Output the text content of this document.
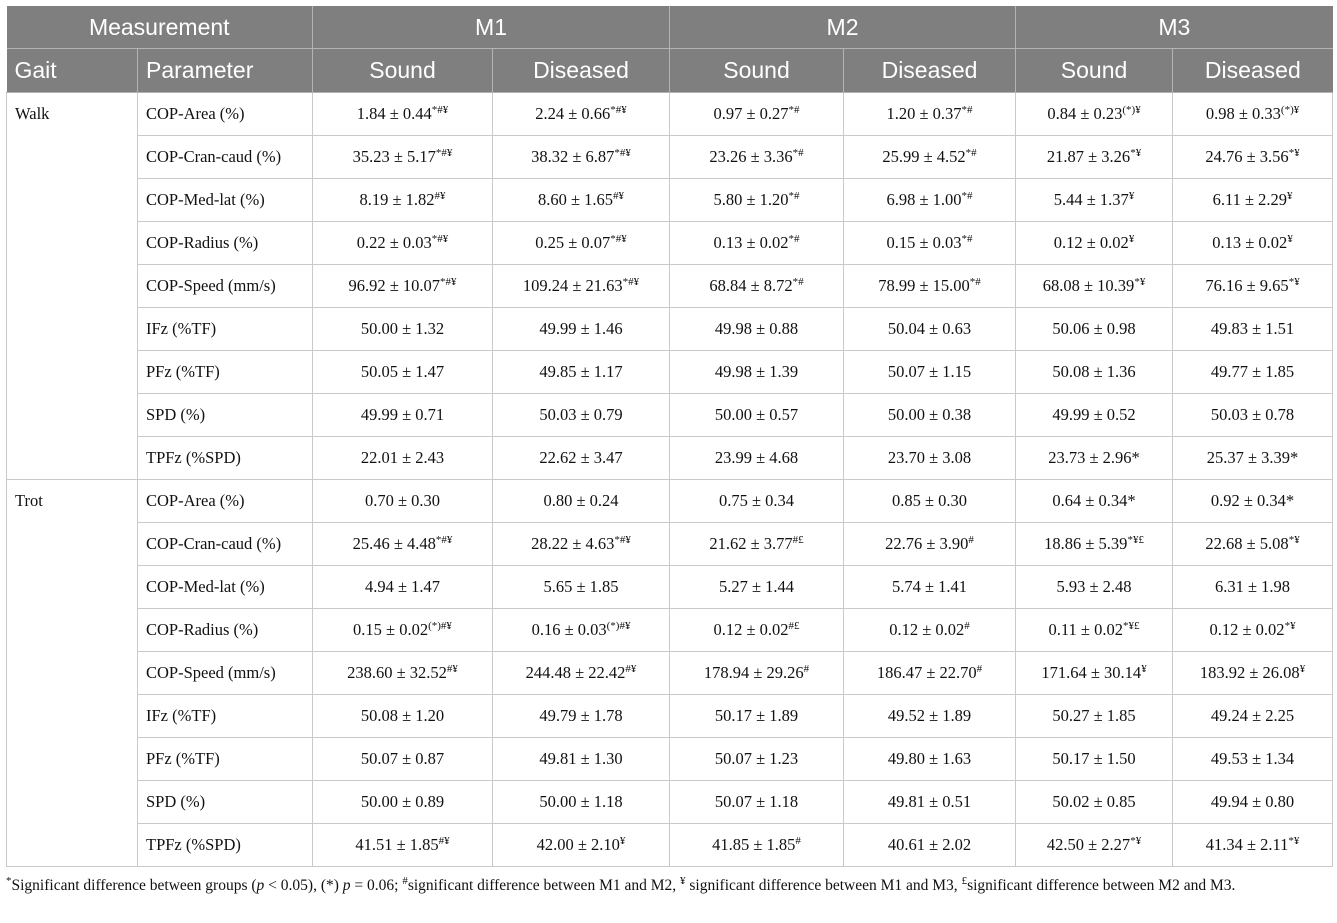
Measurement		M1		M2		M3	
Gait	Parameter	Sound	Diseased	Sound	Diseased	Sound	Diseased
Walk	COP-Area (%)	1.84 ± 0.44*#¥	2.24 ± 0.66*#¥	0.97 ± 0.27*#	1.20 ± 0.37*#	0.84 ± 0.23(*)¥	0.98 ± 0.33(*)¥
	COP-Cran-caud (%)	35.23 ± 5.17*#¥	38.32 ± 6.87*#¥	23.26 ± 3.36*#	25.99 ± 4.52*#	21.87 ± 3.26*¥	24.76 ± 3.56*¥
	COP-Med-lat (%)	8.19 ± 1.82#¥	8.60 ± 1.65#¥	5.80 ± 1.20*#	6.98 ± 1.00*#	5.44 ± 1.37¥	6.11 ± 2.29¥
	COP-Radius (%)	0.22 ± 0.03*#¥	0.25 ± 0.07*#¥	0.13 ± 0.02*#	0.15 ± 0.03*#	0.12 ± 0.02¥	0.13 ± 0.02¥
	COP-Speed (mm/s)	96.92 ± 10.07*#¥	109.24 ± 21.63*#¥	68.84 ± 8.72*#	78.99 ± 15.00*#	68.08 ± 10.39*¥	76.16 ± 9.65*¥
	IFz (%TF)	50.00 ± 1.32	49.99 ± 1.46	49.98 ± 0.88	50.04 ± 0.63	50.06 ± 0.98	49.83 ± 1.51
	PFz (%TF)	50.05 ± 1.47	49.85 ± 1.17	49.98 ± 1.39	50.07 ± 1.15	50.08 ± 1.36	49.77 ± 1.85
	SPD (%)	49.99 ± 0.71	50.03 ± 0.79	50.00 ± 0.57	50.00 ± 0.38	49.99 ± 0.52	50.03 ± 0.78
	TPFz (%SPD)	22.01 ± 2.43	22.62 ± 3.47	23.99 ± 4.68	23.70 ± 3.08	23.73 ± 2.96*	25.37 ± 3.39*
Trot	COP-Area (%)	0.70 ± 0.30	0.80 ± 0.24	0.75 ± 0.34	0.85 ± 0.30	0.64 ± 0.34*	0.92 ± 0.34*
	COP-Cran-caud (%)	25.46 ± 4.48*#¥	28.22 ± 4.63*#¥	21.62 ± 3.77#£	22.76 ± 3.90#	18.86 ± 5.39*¥£	22.68 ± 5.08*¥
	COP-Med-lat (%)	4.94 ± 1.47	5.65 ± 1.85	5.27 ± 1.44	5.74 ± 1.41	5.93 ± 2.48	6.31 ± 1.98
	COP-Radius (%)	0.15 ± 0.02(*)#¥	0.16 ± 0.03(*)#¥	0.12 ± 0.02#£	0.12 ± 0.02#	0.11 ± 0.02*¥£	0.12 ± 0.02*¥
	COP-Speed (mm/s)	238.60 ± 32.52#¥	244.48 ± 22.42#¥	178.94 ± 29.26#	186.47 ± 22.70#	171.64 ± 30.14¥	183.92 ± 26.08¥
	IFz (%TF)	50.08 ± 1.20	49.79 ± 1.78	50.17 ± 1.89	49.52 ± 1.89	50.27 ± 1.85	49.24 ± 2.25
	PFz (%TF)	50.07 ± 0.87	49.81 ± 1.30	50.07 ± 1.23	49.80 ± 1.63	50.17 ± 1.50	49.53 ± 1.34
	SPD (%)	50.00 ± 0.89	50.00 ± 1.18	50.07 ± 1.18	49.81 ± 0.51	50.02 ± 0.85	49.94 ± 0.80
	TPFz (%SPD)	41.51 ± 1.85#¥	42.00 ± 2.10¥	41.85 ± 1.85#	40.61 ± 2.02	42.50 ± 2.27*¥	41.34 ± 2.11*¥
*Significant difference between groups (p < 0.05), (*) p = 0.06; #significant difference between M1 and M2, ¥ significant difference between M1 and M3, £significant difference between M2 and M3.
